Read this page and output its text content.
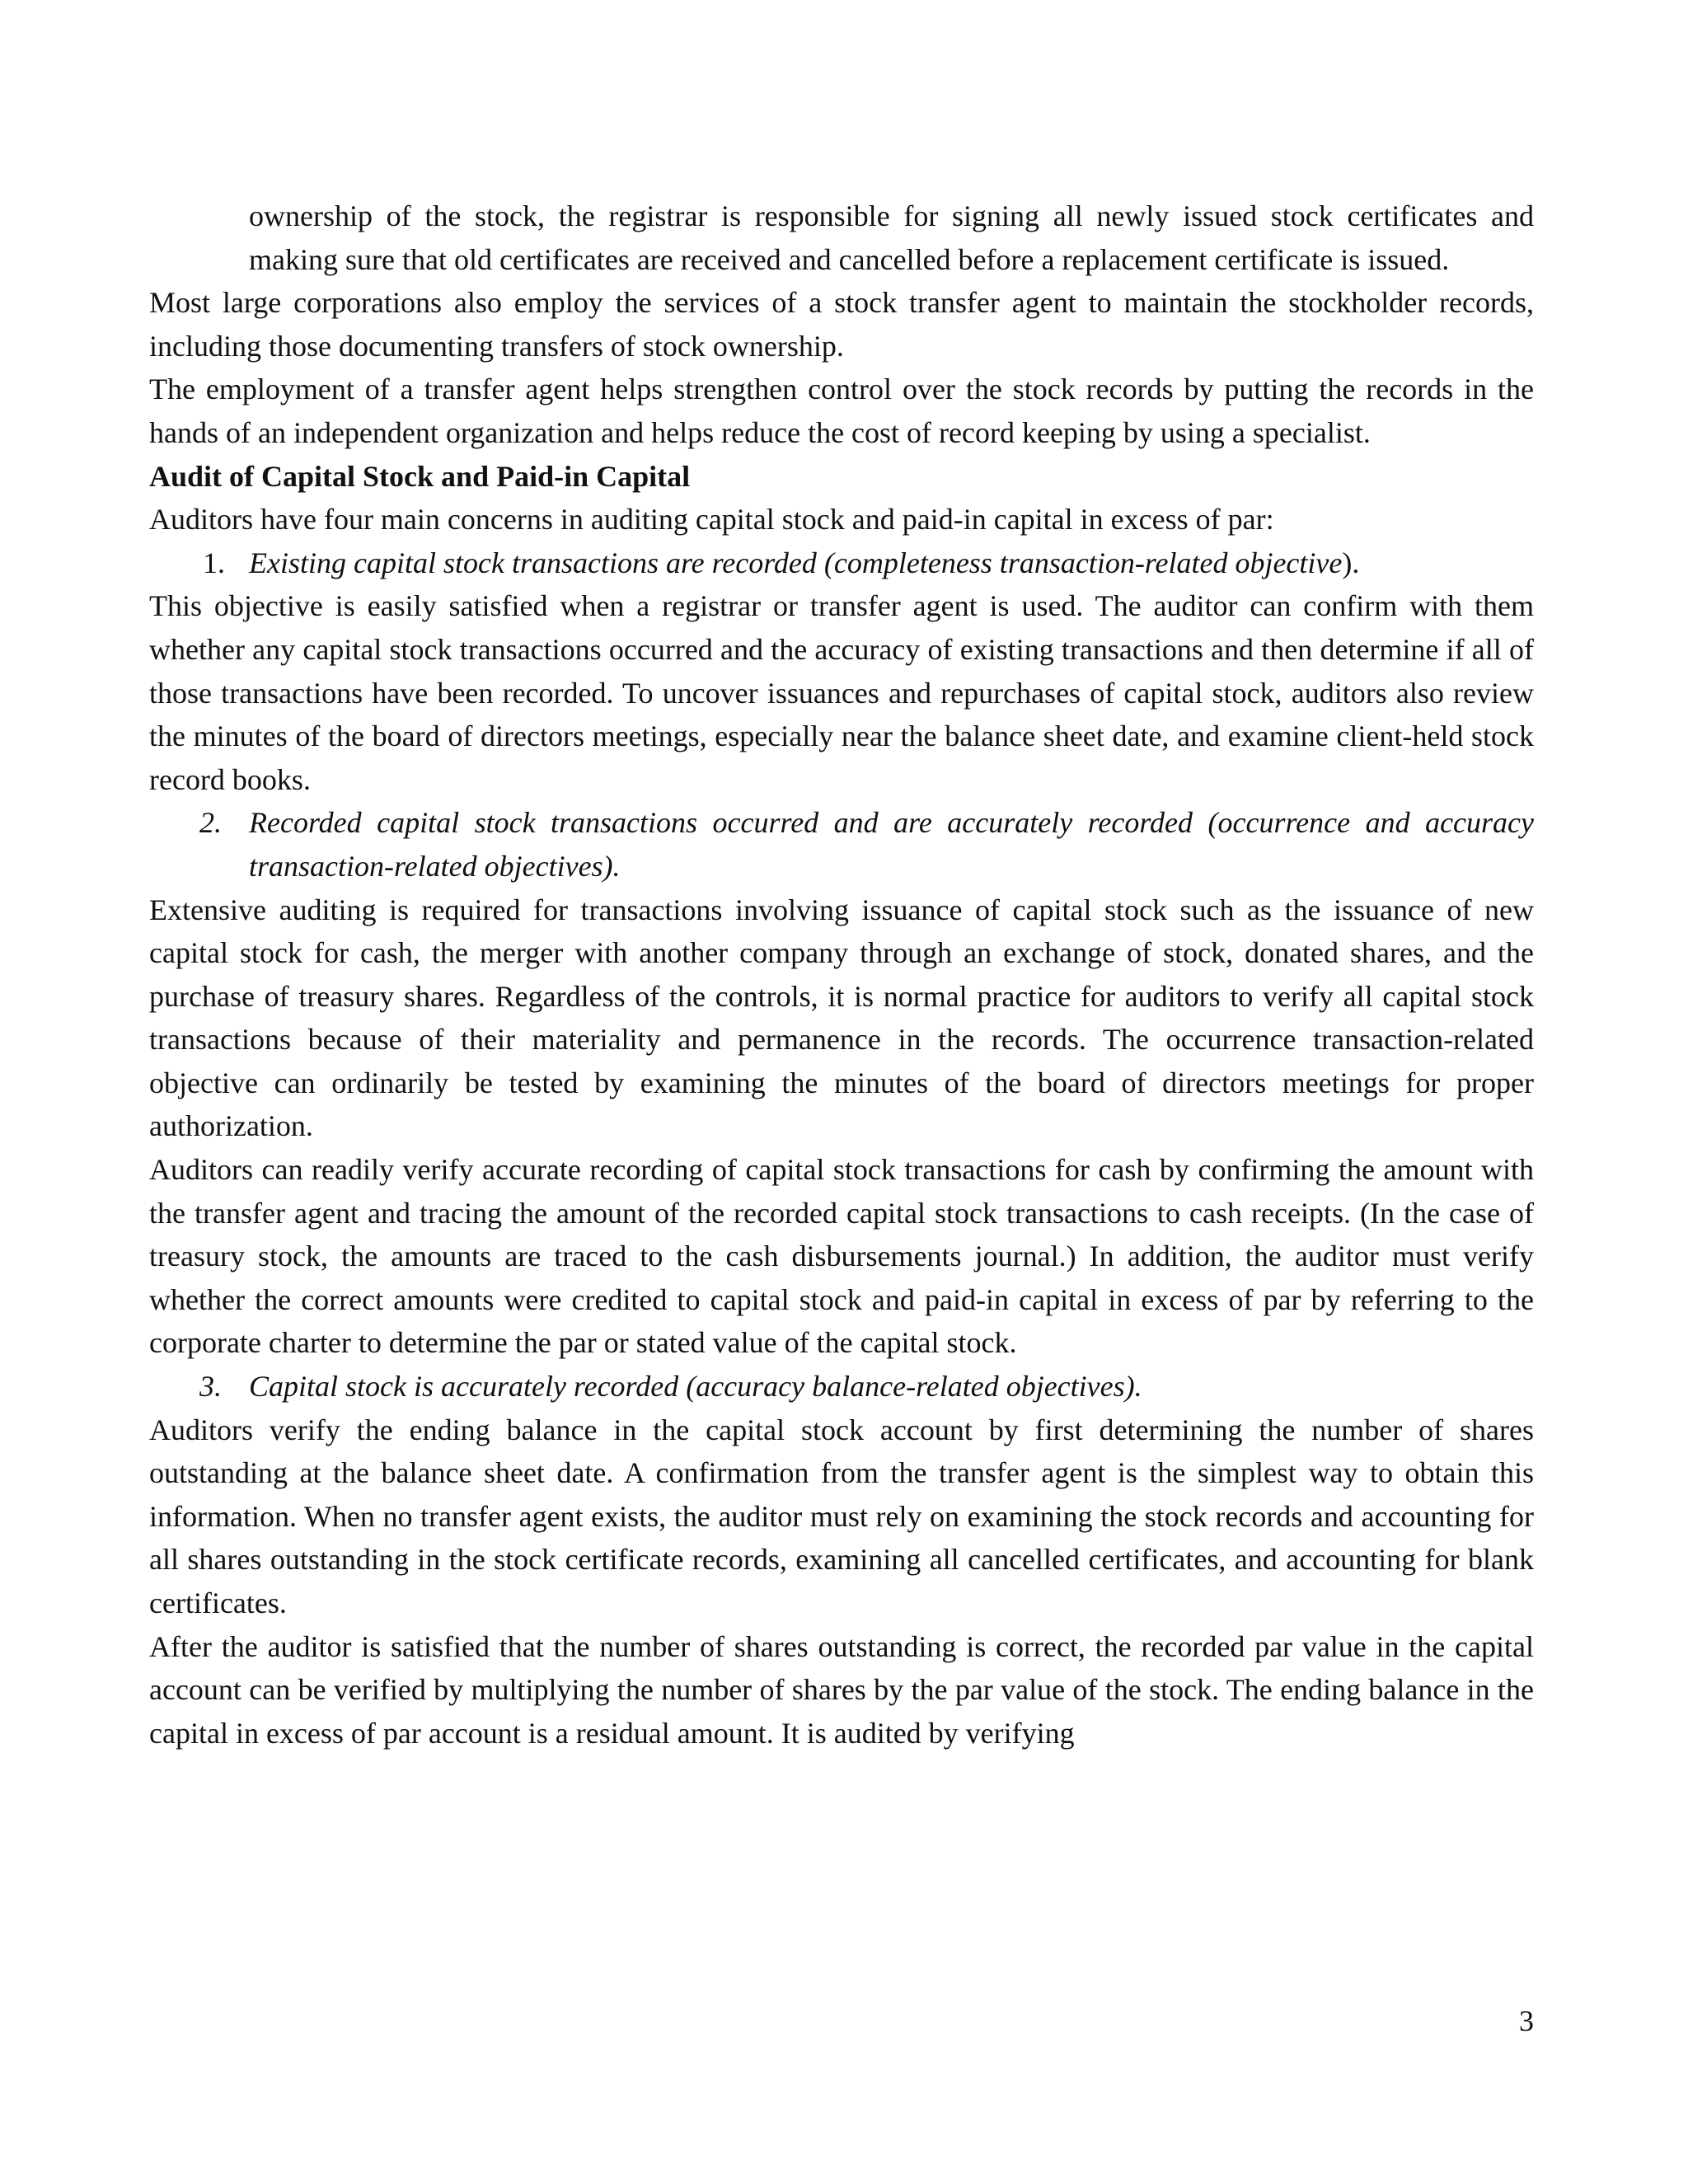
ownership of the stock, the registrar is responsible for signing all newly issued stock certificates and making sure that old certificates are received and cancelled before a replacement certificate is issued.

Most large corporations also employ the services of a stock transfer agent to maintain the stockholder records, including those documenting transfers of stock ownership.

The employment of a transfer agent helps strengthen control over the stock records by putting the records in the hands of an independent organization and helps reduce the cost of record keeping by using a specialist.

Audit of Capital Stock and Paid-in Capital

Auditors have four main concerns in auditing capital stock and paid-in capital in excess of par:

1. Existing capital stock transactions are recorded (completeness transaction-related objective).

This objective is easily satisfied when a registrar or transfer agent is used. The auditor can confirm with them whether any capital stock transactions occurred and the accuracy of existing transactions and then determine if all of those transactions have been recorded. To uncover issuances and repurchases of capital stock, auditors also review the minutes of the board of directors meetings, especially near the balance sheet date, and examine client-held stock record books.

2. Recorded capital stock transactions occurred and are accurately recorded (occurrence and accuracy transaction-related objectives).

Extensive auditing is required for transactions involving issuance of capital stock such as the issuance of new capital stock for cash, the merger with another company through an exchange of stock, donated shares, and the purchase of treasury shares. Regardless of the controls, it is normal practice for auditors to verify all capital stock transactions because of their materiality and permanence in the records. The occurrence transaction-related objective can ordinarily be tested by examining the minutes of the board of directors meetings for proper authorization.

Auditors can readily verify accurate recording of capital stock transactions for cash by confirming the amount with the transfer agent and tracing the amount of the recorded capital stock transactions to cash receipts. (In the case of treasury stock, the amounts are traced to the cash disbursements journal.) In addition, the auditor must verify whether the correct amounts were credited to capital stock and paid-in capital in excess of par by referring to the corporate charter to determine the par or stated value of the capital stock.

3. Capital stock is accurately recorded (accuracy balance-related objectives).

Auditors verify the ending balance in the capital stock account by first determining the number of shares outstanding at the balance sheet date. A confirmation from the transfer agent is the simplest way to obtain this information. When no transfer agent exists, the auditor must rely on examining the stock records and accounting for all shares outstanding in the stock certificate records, examining all cancelled certificates, and accounting for blank certificates.

After the auditor is satisfied that the number of shares outstanding is correct, the recorded par value in the capital account can be verified by multiplying the number of shares by the par value of the stock. The ending balance in the capital in excess of par account is a residual amount. It is audited by verifying

3
